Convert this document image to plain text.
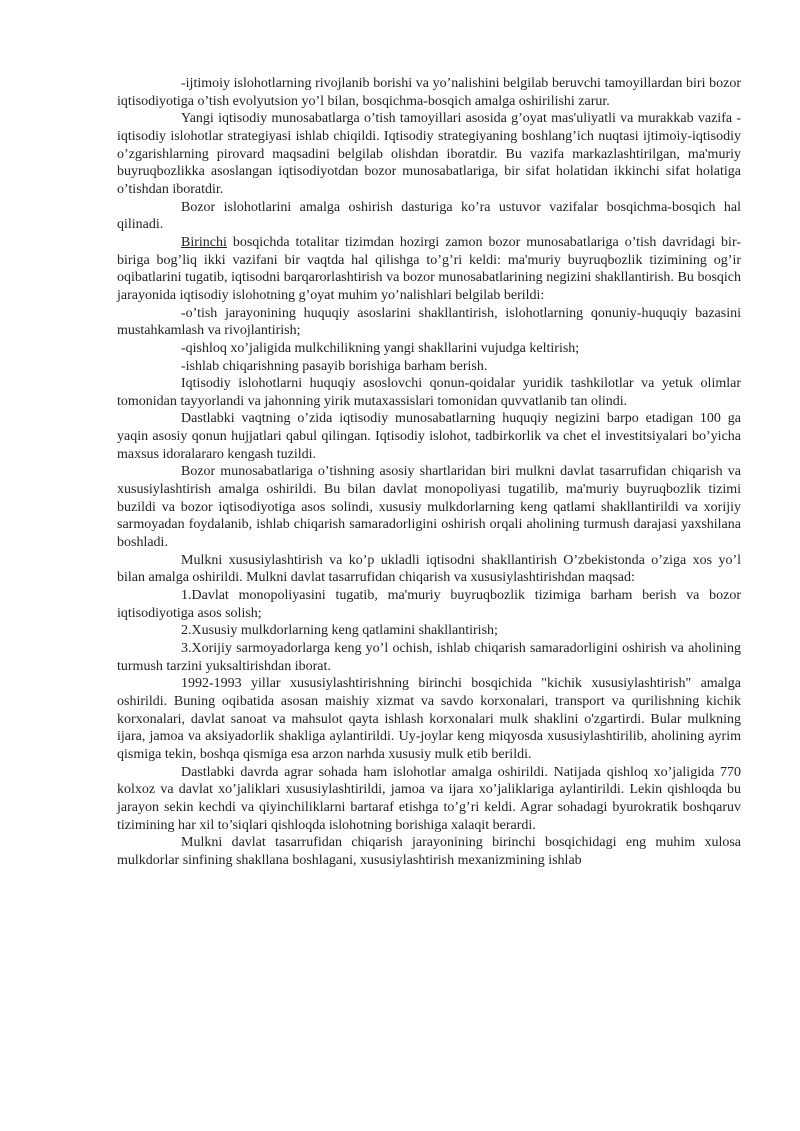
-ijtimoiy islohotlarning rivojlanib borishi va yo’nalishini belgilab beruvchi tamoyillardan biri bozor iqtisodiyotiga o’tish evolyutsion yo’l bilan, bosqichma-bosqich amalga oshirilishi zarur.

Yangi iqtisodiy munosabatlarga o’tish tamoyillari asosida g’oyat mas'uliyatli va murakkab vazifa - iqtisodiy islohotlar strategiyasi ishlab chiqildi. Iqtisodiy strategiyaning boshlang’ich nuqtasi ijtimoiy-iqtisodiy o’zgarishlarning pirovard maqsadini belgilab olishdan iboratdir. Bu vazifa markazlashtirilgan, ma'muriy buyruqbozlikka asoslangan iqtisodiyotdan bozor munosabatlariga, bir sifat holatidan ikkinchi sifat holatiga o’tishdan iboratdir.

Bozor islohotlarini amalga oshirish dasturiga ko’ra ustuvor vazifalar bosqichma-bosqich hal qilinadi.

Birinchi bosqichda totalitar tizimdan hozirgi zamon bozor munosabatlariga o’tish davridagi bir-biriga bog’liq ikki vazifani bir vaqtda hal qilishga to’g’ri keldi: ma'muriy buyruqbozlik tizimining og’ir oqibatlarini tugatib, iqtisodni barqarorlashtirish va bozor munosabatlarining negizini shakllantirish. Bu bosqich jarayonida iqtisodiy islohotning g’oyat muhim yo’nalishlari belgilab berildi:

-o’tish jarayonining huquqiy asoslarini shakllantirish, islohotlarning qonuniy-huquqiy bazasini mustahkamlash va rivojlantirish;

-qishloq xo’jaligida mulkchilikning yangi shakllarini vujudga keltirish;

-ishlab chiqarishning pasayib borishiga barham berish.

Iqtisodiy islohotlarni huquqiy asoslovchi qonun-qoidalar yuridik tashkilotlar va yetuk olimlar tomonidan tayyorlandi va jahonning yirik mutaxassislari tomonidan quvvatlanib tan olindi.

Dastlabki vaqtning o’zida iqtisodiy munosabatlarning huquqiy negizini barpo etadigan 100 ga yaqin asosiy qonun hujjatlari qabul qilingan. Iqtisodiy islohot, tadbirkorlik va chet el investitsiyalari bo’yicha maxsus idoralararo kengash tuzildi.

Bozor munosabatlariga o’tishning asosiy shartlaridan biri mulkni davlat tasarrufidan chiqarish va xususiylashtirish amalga oshirildi. Bu bilan davlat monopoliyasi tugatilib, ma'muriy buyruqbozlik tizimi buzildi va bozor iqtisodiyotiga asos solindi, xususiy mulkdorlarning keng qatlami shakllantirildi va xorijiy sarmoyadan foydalanib, ishlab chiqarish samaradorligini oshirish orqali aholining turmush darajasi yaxshilana boshladi.

Mulkni xususiylashtirish va ko’p ukladli iqtisodni shakllantirish O’zbekistonda o’ziga xos yo’l bilan amalga oshirildi. Mulkni davlat tasarrufidan chiqarish va xususiylashtirishdan maqsad:

1.Davlat monopoliyasini tugatib, ma'muriy buyruqbozlik tizimiga barham berish va bozor iqtisodiyotiga asos solish;

2.Xususiy mulkdorlarning keng qatlamini shakllantirish;

3.Xorijiy sarmoyadorlarga keng yo’l ochish, ishlab chiqarish samaradorligini oshirish va aholining turmush tarzini yuksaltirishdan iborat.

1992-1993 yillar xususiylashtirishning birinchi bosqichida "kichik xususiylashtirish" amalga oshirildi. Buning oqibatida asosan maishiy xizmat va savdo korxonalari, transport va qurilishning kichik korxonalari, davlat sanoat va mahsulot qayta ishlash korxonalari mulk shaklini o'zgartirdi. Bular mulkning ijara, jamoa va aksiyadorlik shakliga aylantirildi. Uy-joylar keng miqyosda xususiylashtirilib, aholining ayrim qismiga tekin, boshqa qismiga esa arzon narhda xususiy mulk etib berildi.

Dastlabki davrda agrar sohada ham islohotlar amalga oshirildi. Natijada qishloq xo’jaligida 770 kolxoz va davlat xo’jaliklari xususiylashtirildi, jamoa va ijara xo’jaliklariga aylantirildi. Lekin qishloqda bu jarayon sekin kechdi va qiyinchiliklarni bartaraf etishga to’g’ri keldi. Agrar sohadagi byurokratik boshqaruv tizimining har xil to’siqlari qishloqda islohotning borishiga xalaqit berardi.

Mulkni davlat tasarrufidan chiqarish jarayonining birinchi bosqichidagi eng muhim xulosa mulkdorlar sinfining shakllana boshlagani, xususiylashtirish mexanizmining ishlab
